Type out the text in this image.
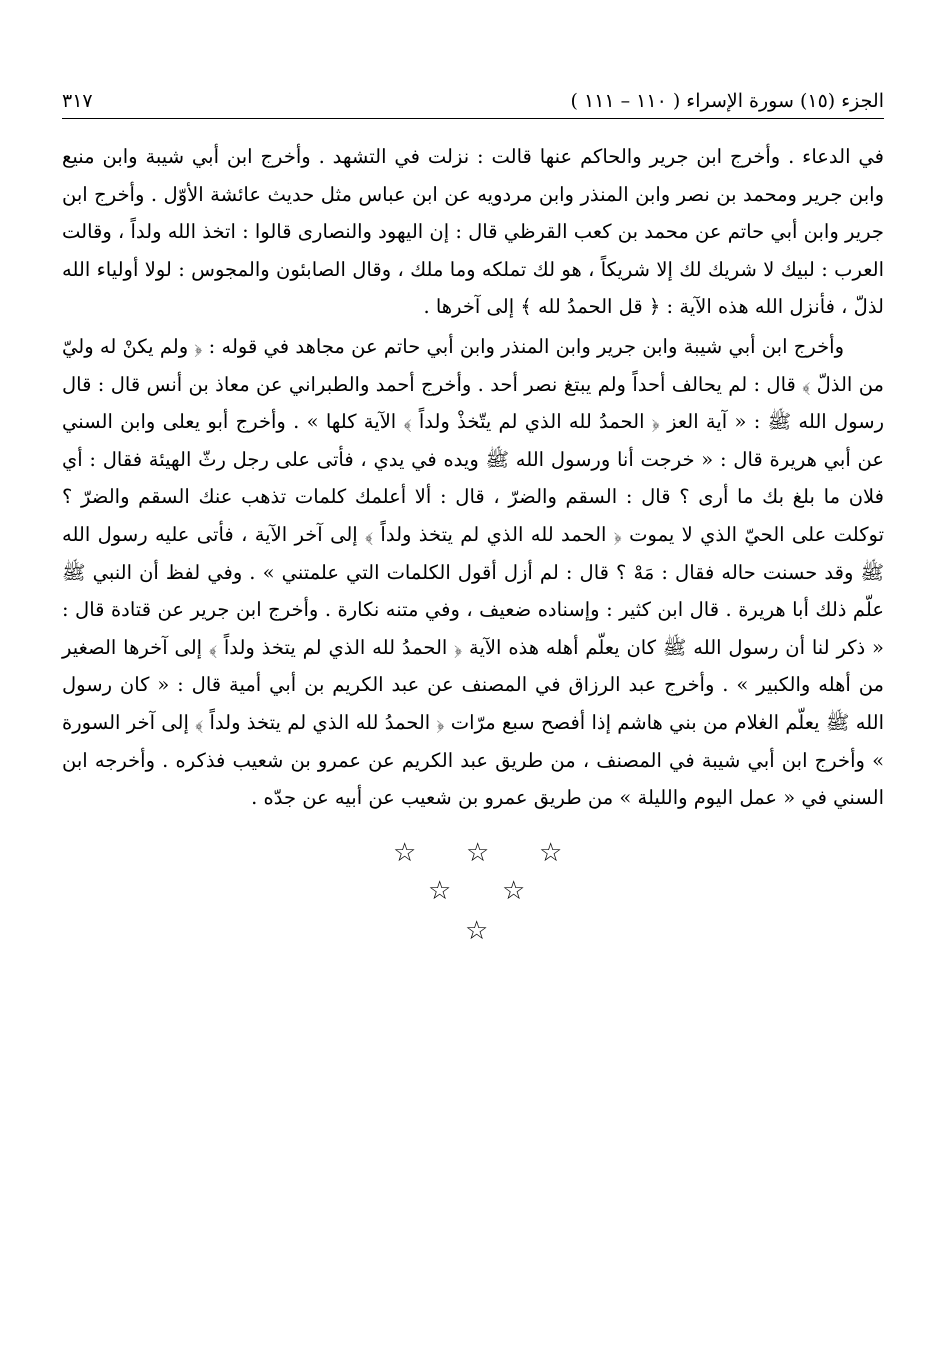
الجزء (١٥) سورة الإسراء ( ١١٠ – ١١١ )
٣١٧

في الدعاء . وأخرج ابن جرير والحاكم عنها قالت : نزلت في التشهد . وأخرج ابن أبي شيبة وابن منيع وابن جرير ومحمد بن نصر وابن المنذر وابن مردويه عن ابن عباس مثل حديث عائشة الأوّل . وأخرج ابن جرير وابن أبي حاتم عن محمد بن كعب القرظي قال : إن اليهود والنصارى قالوا : اتخذ الله ولداً ، وقالت العرب : لبيك لا شريك لك إلا شريكاً ، هو لك تملكه وما ملك ، وقال الصابئون والمجوس : لولا أولياء الله لذلّ ، فأنزل الله هذه الآية : ﴿ قل الحمدُ لله ﴾ إلى آخرها .

وأخرج ابن أبي شيبة وابن جرير وابن المنذر وابن أبي حاتم عن مجاهد في قوله : ﴿ ولم يكنْ له وليّ من الذلّ ﴾ قال : لم يحالف أحداً ولم يبتغ نصر أحد . وأخرج أحمد والطبراني عن معاذ بن أنس قال : قال رسول الله ﷺ : « آية العز ﴿ الحمدُ لله الذي لم يتّخذْ ولداً ﴾ الآية كلها » . وأخرج أبو يعلى وابن السني عن أبي هريرة قال : « خرجت أنا ورسول الله ﷺ ويده في يدي ، فأتى على رجل رثّ الهيئة فقال : أي فلان ما بلغ بك ما أرى ؟ قال : السقم والضرّ ، قال : ألا أعلمك كلمات تذهب عنك السقم والضرّ ؟ توكلت على الحيّ الذي لا يموت ﴿ الحمد لله الذي لم يتخذ ولداً ﴾ إلى آخر الآية ، فأتى عليه رسول الله ﷺ وقد حسنت حاله فقال : مَهْ ؟ قال : لم أزل أقول الكلمات التي علمتني » . وفي لفظ أن النبي ﷺ علّم ذلك أبا هريرة . قال ابن كثير : وإسناده ضعيف ، وفي متنه نكارة . وأخرج ابن جرير عن قتادة قال : « ذكر لنا أن رسول الله ﷺ كان يعلّم أهله هذه الآية ﴿ الحمدُ لله الذي لم يتخذ ولداً ﴾ إلى آخرها الصغير من أهله والكبير » . وأخرج عبد الرزاق في المصنف عن عبد الكريم بن أبي أمية قال : « كان رسول الله ﷺ يعلّم الغلام من بني هاشم إذا أفصح سبع مرّات ﴿ الحمدُ لله الذي لم يتخذ ولداً ﴾ إلى آخر السورة » وأخرج ابن أبي شيبة في المصنف ، من طريق عبد الكريم عن عمرو بن شعيب فذكره . وأخرجه ابن السني في « عمل اليوم والليلة » من طريق عمرو بن شعيب عن أبيه عن جدّه .

☆ ☆ ☆
☆ ☆
☆
